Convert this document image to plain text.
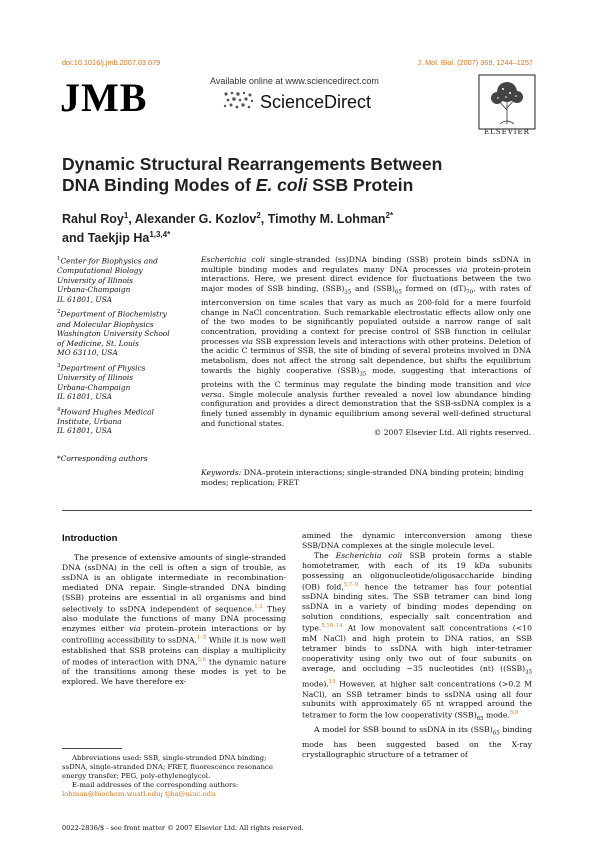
doi:10.1016/j.jmb.2007.03.079	J. Mol. Biol. (2007) 369, 1244–1257
JMB	Available online at www.sciencedirect.com
ScienceDirect
ELSEVIER
Dynamic Structural Rearrangements Between
DNA Binding Modes of E. coli SSB Protein
Rahul Roy$^1$, Alexander G. Kozlov$^2$, Timothy M. Lohman$^{2*}$
and Taekjip $Ha^{1,3,4*}$
$^1$Center for Biophysics and
Computational Biology
University of Illinois
Urbana-Champaign
IL 61801, USA
$^2$Department of Biochemistry
and Molecular Biophysics
Washington University School
of Medicine, St. Louis
MO 63110, USA
$^3$Department of Physics
University of Illinois
Urbana-Champaign
IL 61801, USA
$^4$Howard Hughes Medical
Institute, Urbana
IL 61801, USA
*Corresponding authors
Escherichia coli single-stranded (ss)DNA binding (SSB) protein binds ssDNA in multiple binding modes and regulates many DNA processes via protein-protein interactions. Here, we present direct evidence for fluctuations between the two major modes of SSB binding, $(SSB)_{35}$ and $(SSB)_{65}$ formed on $(dT)_{70}$, with rates of interconversion on time scales that vary as much as 200-fold for a mere fourfold change in NaCl concentration. Such remarkable electrostatic effects allow only one of the two modes to be significantly populated outside a narrow range of salt concentration, providing a context for precise control of SSB function in cellular processes via SSB expression levels and interactions with other proteins. Deletion of the acidic C terminus of SSB, the site of binding of several proteins involved in DNA metabolism, does not affect the strong salt dependence, but shifts the equilibrium towards the highly cooperative $(SSB)_{35}$ mode, suggesting that interactions of proteins with the C terminus may regulate the binding mode transition and vice versa. Single molecule analysis further revealed a novel low abundance binding configuration and provides a direct demonstration that the SSB-ssDNA complex is a finely tuned assembly in dynamic equilibrium among several well-defined structural and functional states.
© 2007 Elsevier Ltd. All rights reserved.
Keywords: DNA–protein interactions; single-stranded DNA binding protein; binding modes; replication; FRET
Introduction

The presence of extensive amounts of single-stranded DNA (ssDNA) in the cell is often a sign of trouble, as ssDNA is an obligate intermediate in recombination-mediated DNA repair. Single-stranded DNA binding (SSB) proteins are essential in all organisms and bind selectively to ssDNA independent of sequence.$^{1,2}$ They also modulate the functions of many DNA processing enzymes either via protein–protein interactions or by controlling accessibility to ssDNA.$^{1-5}$ While it is now well established that SSB proteins can display a multiplicity of modes of interaction with DNA,$^{5,6}$ the dynamic nature of the transitions among these modes is yet to be explored. We have therefore ex-

amined the dynamic interconversion among these SSB/DNA complexes at the single molecule level.

The Escherichia coli SSB protein forms a stable homotetramer, with each of its 19 kDa subunits possessing an oligonucleotide/oligosaccharide binding (OB) fold,$^{5,7-9}$ hence the tetramer has four potential ssDNA binding sites. The SSB tetramer can bind long ssDNA in a variety of binding modes depending on solution conditions, especially salt concentration and type.$^{5,10-14}$ At low monovalent salt concentrations (<10 mM NaCl) and high protein to DNA ratios, an SSB tetramer binds to ssDNA with high inter-tetramer cooperativity using only two out of four subunits on average, and occluding ~35 nucleotides (nt) ($(SSB)_{35}$ mode).$^{15}$ However, at higher salt concentrations (>0.2 M NaCl), an SSB tetramer binds to ssDNA using all four subunits with approximately 65 nt wrapped around the tetramer to form the low cooperativity $(SSB)_{65}$ mode.$^{5,8}$

A model for SSB bound to ssDNA in its $(SSB)_{65}$ binding mode has been suggested based on the X-ray crystallographic structure of a tetramer of

Abbreviations used: SSB, single-stranded DNA binding; ssDNA, single-stranded DNA; FRET, fluorescence resonance energy transfer; PEG, poly-ethyleneglycol.
E-mail addresses of the corresponding authors:
lohman@biochem.wustl.edu; tjha@uiuc.edu
0022-2836/$ - see front matter © 2007 Elsevier Ltd. All rights reserved.
